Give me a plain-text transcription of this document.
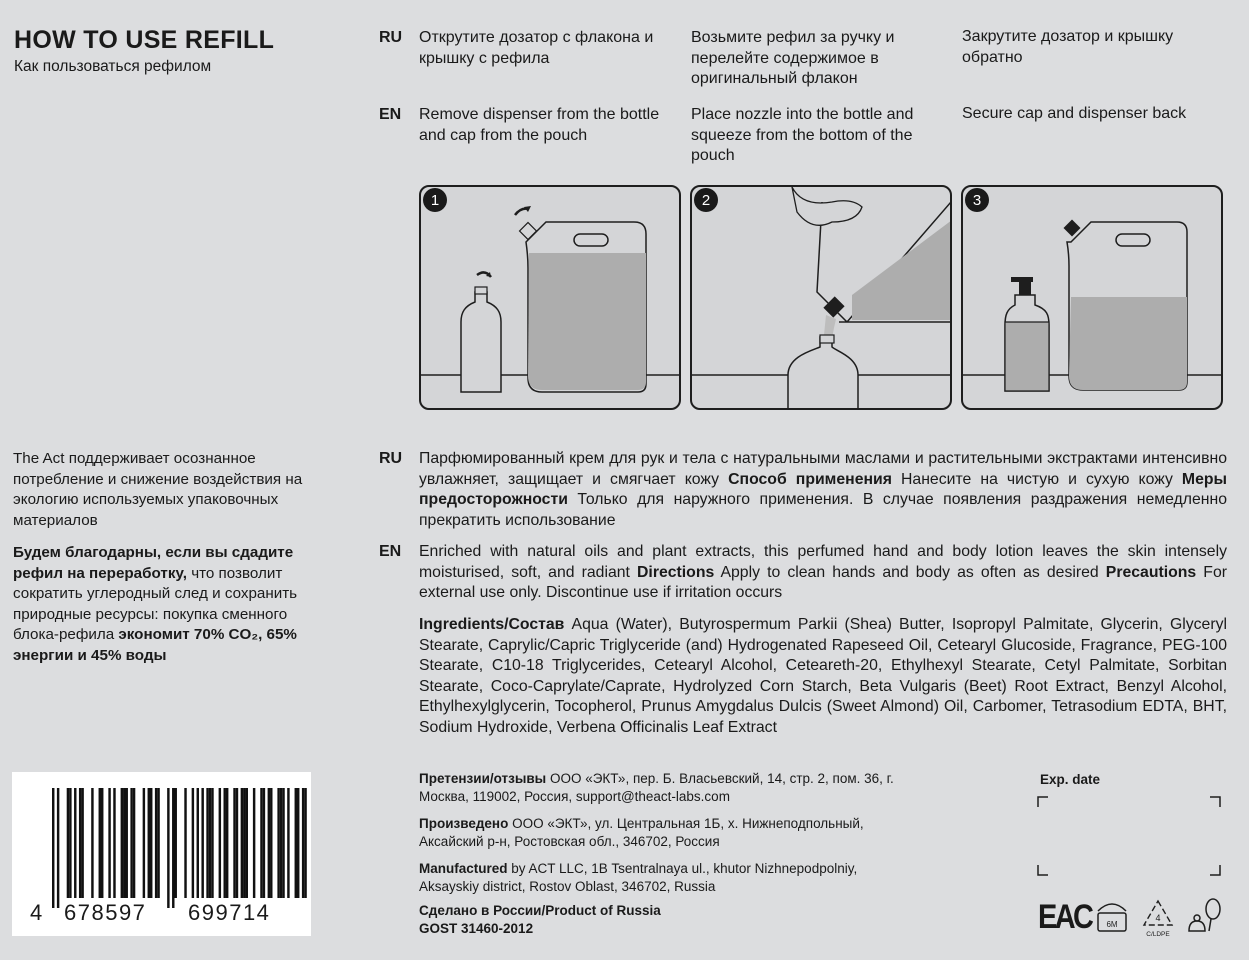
HOW TO USE REFILL
Как пользоваться рефилом
RU
EN
Открутите дозатор с флакона и крышку с рефила
Возьмите рефил за ручку и перелейте содержимое в оригинальный флакон
Закрутите дозатор и крышку обратно
Remove dispenser from the bottle and cap from the pouch
Place nozzle into the bottle and squeeze from the bottom of the pouch
Secure cap and dispenser back
1	2	3
The Act поддерживает осознанное потребление и снижение воздействия на экологию используемых упаковочных материалов
Будем благодарны, если вы сдадите рефил на переработку, что позволит сократить углеродный след и сохранить природные ресурсы: покупка сменного блока-рефила экономит 70% CO₂, 65% энергии и 45% воды
RU Парфюмированный крем для рук и тела с натуральными маслами и растительными экстрактами интенсивно увлажняет, защищает и смягчает кожу Способ применения Нанесите на чистую и сухую кожу Меры предосторожности Только для наружного применения. В случае появления раздражения немедленно прекратить использование
EN Enriched with natural oils and plant extracts, this perfumed hand and body lotion leaves the skin intensely moisturised, soft, and radiant Directions Apply to clean hands and body as often as desired Precautions For external use only. Discontinue use if irritation occurs
Ingredients/Состав Aqua (Water), Butyrospermum Parkii (Shea) Butter, Isopropyl Palmitate, Glycerin, Glyceryl Stearate, Caprylic/Capric Triglyceride (and) Hydrogenated Rapeseed Oil, Cetearyl Glucoside, Fragrance, PEG-100 Stearate, C10-18 Triglycerides, Cetearyl Alcohol, Ceteareth-20, Ethylhexyl Stearate, Cetyl Palmitate, Sorbitan Stearate, Coco-Caprylate/Caprate, Hydrolyzed Corn Starch, Beta Vulgaris (Beet) Root Extract, Benzyl Alcohol, Ethylhexylglycerin, Tocopherol, Prunus Amygdalus Dulcis (Sweet Almond) Oil, Carbomer, Tetrasodium EDTA, BHT, Sodium Hydroxide, Verbena Officinalis Leaf Extract
Претензии/отзывы ООО «ЭКТ», пер. Б. Власьевский, 14, стр. 2, пом. 36, г. Москва, 119002, Россия, support@theact-labs.com
Произведено ООО «ЭКТ», ул. Центральная 1Б, х. Нижнеподпольный, Аксайский р-н, Ростовская обл., 346702, Россия
Manufactured by ACT LLC, 1B Tsentralnaya ul., khutor Nizhnepodpolniy, Aksayskiy district, Rostov Oblast, 346702, Russia
Сделано в России/Product of Russia
GOST 31460-2012
Exp. date
EAC 6M
4
C/LDPE
4 678597 699714
